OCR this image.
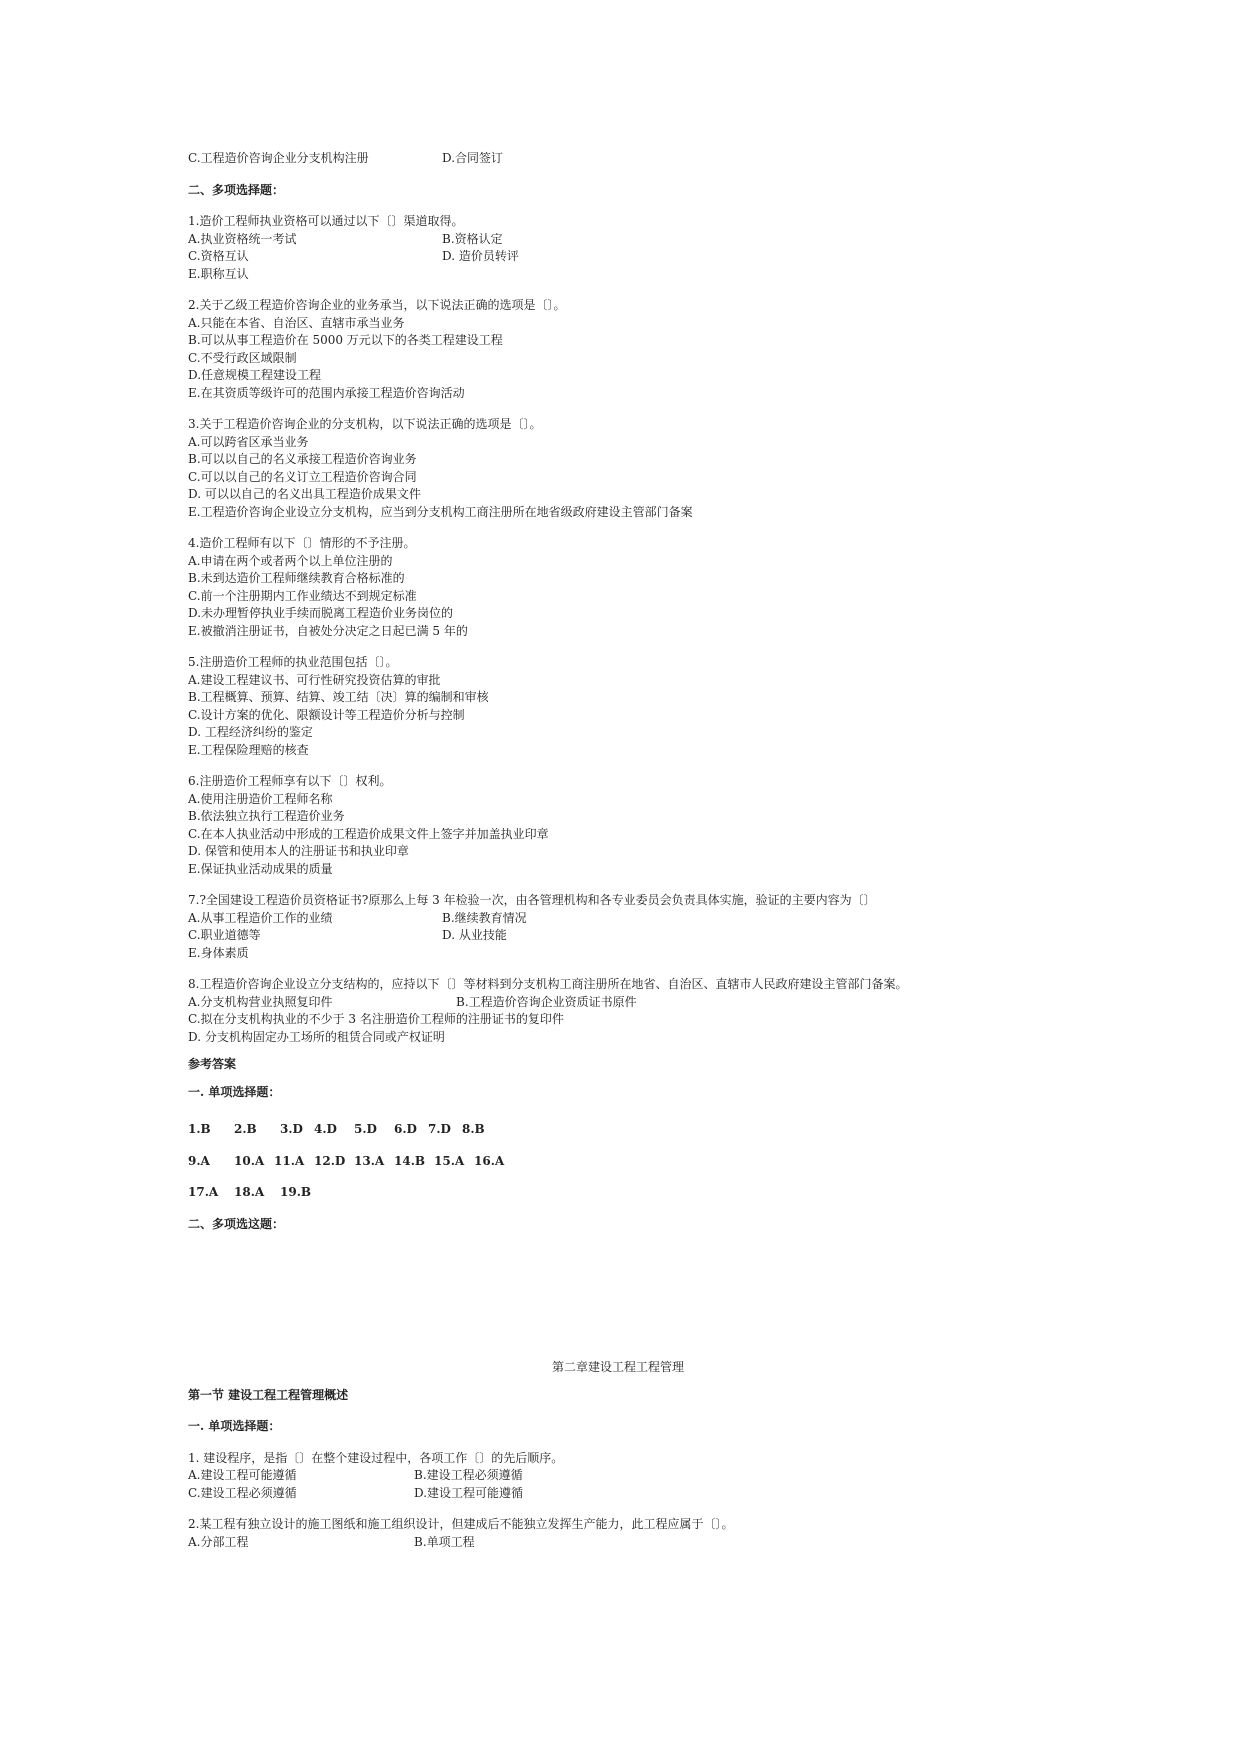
C.工程造价咨询企业分支机构注册	D.合同签订
二、多项选择题：
1.造价工程师执业资格可以通过以下〔〕渠道取得。
A.执业资格统一考试	B.资格认定
C.资格互认	D. 造价员转评
E.职称互认
2.关于乙级工程造价咨询企业的业务承当，以下说法正确的选项是〔〕。
A.只能在本省、自治区、直辖市承当业务
B.可以从事工程造价在 5000 万元以下的各类工程建设工程
C.不受行政区域限制
D.任意规模工程建设工程
E.在其资质等级许可的范围内承接工程造价咨询活动
3.关于工程造价咨询企业的分支机构，以下说法正确的选项是〔〕。
A.可以跨省区承当业务
B.可以以自己的名义承接工程造价咨询业务
C.可以以自己的名义订立工程造价咨询合同
D. 可以以自己的名义出具工程造价成果文件
E.工程造价咨询企业设立分支机构，应当到分支机构工商注册所在地省级政府建设主管部门备案
4.造价工程师有以下〔〕情形的不予注册。
A.申请在两个或者两个以上单位注册的
B.未到达造价工程师继续教育合格标准的
C.前一个注册期内工作业绩达不到规定标准
D.未办理暂停执业手续而脱离工程造价业务岗位的
E.被撤消注册证书，自被处分决定之日起已满 5 年的
5.注册造价工程师的执业范围包括〔〕。
A.建设工程建议书、可行性研究投资估算的审批
B.工程概算、预算、结算、竣工结〔决〕算的编制和审核
C.设计方案的优化、限额设计等工程造价分析与控制
D. 工程经济纠纷的鉴定
E.工程保险理赔的核查
6.注册造价工程师享有以下〔〕权利。
A.使用注册造价工程师名称
B.依法独立执行工程造价业务
C.在本人执业活动中形成的工程造价成果文件上签字并加盖执业印章
D. 保管和使用本人的注册证书和执业印章
E.保证执业活动成果的质量
7.?全国建设工程造价员资格证书?原那么上每 3 年检验一次，由各管理机构和各专业委员会负责具体实施，验证的主要内容为〔〕
A.从事工程造价工作的业绩	B.继续教育情况
C.职业道德等	D. 从业技能
E.身体素质
8.工程造价咨询企业设立分支结构的，应持以下〔〕等材料到分支机构工商注册所在地省、自治区、直辖市人民政府建设主管部门备案。
A.分支机构营业执照复印件	B.工程造价咨询企业资质证书原件
C.拟在分支机构执业的不少于 3 名注册造价工程师的注册证书的复印件
D. 分支机构固定办工场所的租赁合同或产权证明
参考答案
一. 单项选择题：
1.B	2.B	3.D 4.D	5.D	6.D 7.D 8.B
9.A	10.A 11.A 12.D 13.A 14.B 15.A 16.A
17.A	18.A	19.B
二、多项选这题：
第二章建设工程工程管理
第一节 建设工程工程管理概述
一. 单项选择题：
1. 建设程序，是指〔〕在整个建设过程中，各项工作〔〕的先后顺序。
A.建设工程可能遵循	B.建设工程必须遵循
C.建设工程必须遵循	D.建设工程可能遵循
2.某工程有独立设计的施工图纸和施工组织设计，但建成后不能独立发挥生产能力，此工程应属于〔〕。
A.分部工程	B.单项工程
